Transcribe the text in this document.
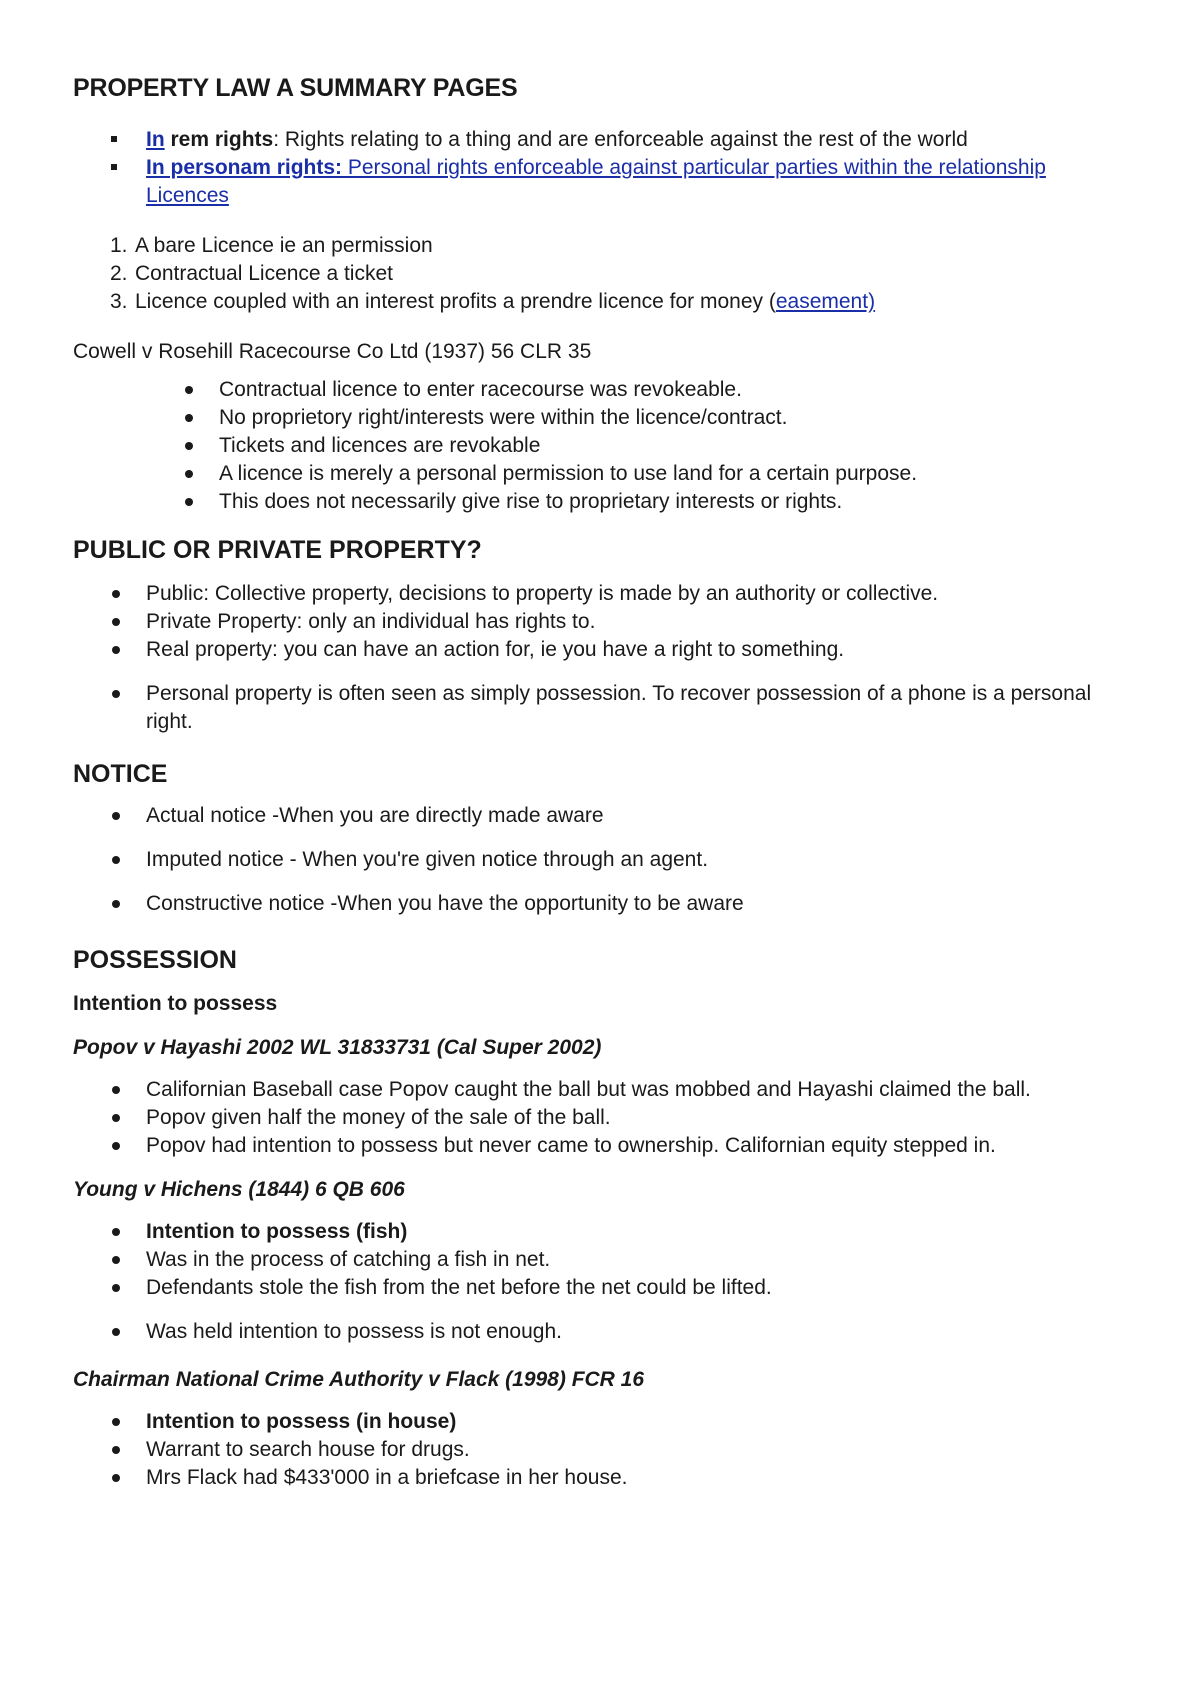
PROPERTY LAW A SUMMARY PAGES
In rem rights: Rights relating to a thing and are enforceable against the rest of the world
In personam rights: Personal rights enforceable against particular parties within the relationship Licences
1. A bare Licence ie an permission
2. Contractual Licence a ticket
3. Licence coupled with an interest profits a prendre licence for money (easement)

Cowell v Rosehill Racecourse Co Ltd (1937) 56 CLR 35

Contractual licence to enter racecourse was revokeable.
No proprietory right/interests were within the licence/contract.
Tickets and licences are revokable
A licence is merely a personal permission to use land for a certain purpose.
This does not necessarily give rise to proprietary interests or rights.
PUBLIC OR PRIVATE PROPERTY?
Public: Collective property, decisions to property is made by an authority or collective.
Private Property: only an individual has rights to.
Real property: you can have an action for, ie you have a right to something.
Personal property is often seen as simply possession. To recover possession of a phone is a personal right.
NOTICE
Actual notice -When you are directly made aware
Imputed notice - When you're given notice through an agent.
Constructive notice -When you have the opportunity to be aware
POSSESSION

Intention to possess

Popov v Hayashi 2002 WL 31833731 (Cal Super 2002)

Californian Baseball case Popov caught the ball but was mobbed and Hayashi claimed the ball.
Popov given half the money of the sale of the ball.
Popov had intention to possess but never came to ownership. Californian equity stepped in.

Young v Hichens (1844) 6 QB 606

Intention to possess (fish)
Was in the process of catching a fish in net.
Defendants stole the fish from the net before the net could be lifted.
Was held intention to possess is not enough.

Chairman National Crime Authority v Flack (1998) FCR 16

Intention to possess (in house)
Warrant to search house for drugs.
Mrs Flack had $433'000 in a briefcase in her house.
